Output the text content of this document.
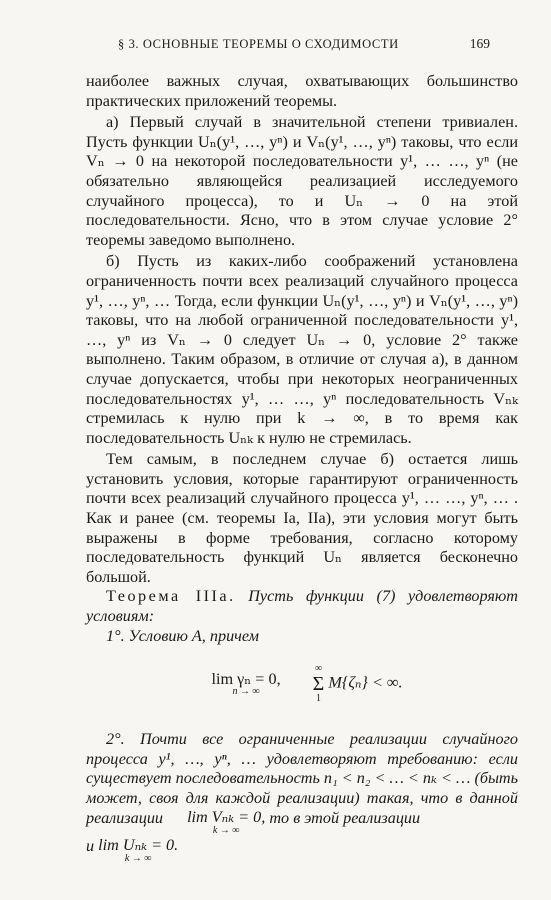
§ 3. ОСНОВНЫЕ ТЕОРЕМЫ О СХОДИМОСТИ	169

наиболее важных случая, охватывающих большинство практических приложений теоремы.

а) Первый случай в значительной степени тривиален. Пусть функции Uₙ(y¹, …, yⁿ) и Vₙ(y¹, …, yⁿ) таковы, что если Vₙ → 0 на некоторой последовательности y¹, … …, yⁿ (не обязательно являющейся реализацией исследуемого случайного процесса), то и Uₙ → 0 на этой последовательности. Ясно, что в этом случае условие 2° теоремы заведомо выполнено.

б) Пусть из каких-либо соображений установлена ограниченность почти всех реализаций случайного процесса y¹, …, yⁿ, … Тогда, если функции Uₙ(y¹, …, yⁿ) и Vₙ(y¹, …, yⁿ) таковы, что на любой ограниченной последовательности y¹, …, yⁿ из Vₙ → 0 следует Uₙ → 0, условие 2° также выполнено. Таким образом, в отличие от случая а), в данном случае допускается, чтобы при некоторых неограниченных последовательностях y¹, … …, yⁿ последовательность Vₙₖ стремилась к нулю при k → ∞, в то время как последовательность Uₙₖ к нулю не стремилась.

Тем самым, в последнем случае б) остается лишь установить условия, которые гарантируют ограниченность почти всех реализаций случайного процесса y¹, … …, yⁿ, … . Как и ранее (см. теоремы Iа, IIа), эти условия могут быть выражены в форме требования, согласно которому последовательность функций Uₙ является бесконечно большой.

Теорема IIIа. Пусть функции (7) удовлетворяют условиям:

1°. Условию А, причем

lim γₙ = 0,
n → ∞

∞
Σ
1
M{ζₙ} < ∞.

2°. Почти все ограниченные реализации случайного процесса y¹, …, yⁿ, … удовлетворяют требованию: если существует последовательность n₁ < n₂ < … < nₖ < … (быть может, своя для каждой реализации) такая, что в данной реализации lim Vₙₖ = 0,
k → ∞
то в этой реализации

и lim Uₙₖ = 0.
k → ∞
